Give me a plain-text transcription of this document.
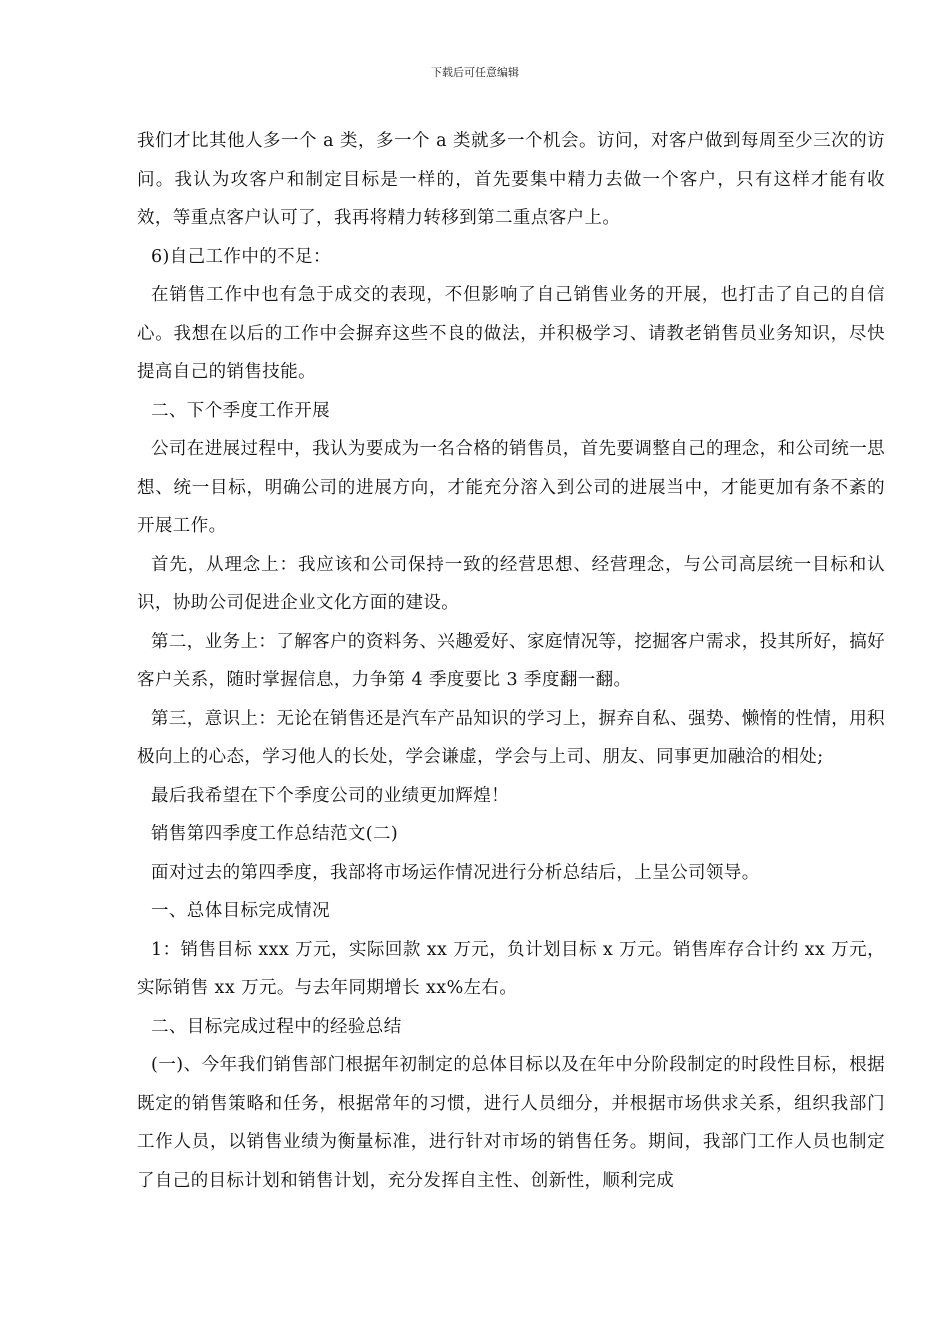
下载后可任意编辑

我们才比其他人多一个 a 类，多一个 a 类就多一个机会。访问，对客户做到每周至少三次的访问。我认为攻客户和制定目标是一样的，首先要集中精力去做一个客户，只有这样才能有收效，等重点客户认可了，我再将精力转移到第二重点客户上。

6)自己工作中的不足：

在销售工作中也有急于成交的表现，不但影响了自己销售业务的开展，也打击了自己的自信心。我想在以后的工作中会摒弃这些不良的做法，并积极学习、请教老销售员业务知识，尽快提高自己的销售技能。

二、下个季度工作开展

公司在进展过程中，我认为要成为一名合格的销售员，首先要调整自己的理念，和公司统一思想、统一目标，明确公司的进展方向，才能充分溶入到公司的进展当中，才能更加有条不紊的开展工作。

首先，从理念上：我应该和公司保持一致的经营思想、经营理念，与公司高层统一目标和认识，协助公司促进企业文化方面的建设。

第二，业务上：了解客户的资料务、兴趣爱好、家庭情况等，挖掘客户需求，投其所好，搞好客户关系，随时掌握信息，力争第 4 季度要比 3 季度翻一翻。

第三，意识上：无论在销售还是汽车产品知识的学习上，摒弃自私、强势、懒惰的性情，用积极向上的心态，学习他人的长处，学会谦虚，学会与上司、朋友、同事更加融洽的相处;

最后我希望在下个季度公司的业绩更加辉煌！

销售第四季度工作总结范文(二)

面对过去的第四季度，我部将市场运作情况进行分析总结后，上呈公司领导。

一、总体目标完成情况

1：销售目标 xxx 万元，实际回款 xx 万元，负计划目标 x 万元。销售库存合计约 xx 万元，实际销售 xx 万元。与去年同期增长 xx%左右。

二、目标完成过程中的经验总结

(一)、今年我们销售部门根据年初制定的总体目标以及在年中分阶段制定的时段性目标，根据既定的销售策略和任务，根据常年的习惯，进行人员细分，并根据市场供求关系，组织我部门工作人员，以销售业绩为衡量标准，进行针对市场的销售任务。期间，我部门工作人员也制定了自己的目标计划和销售计划，充分发挥自主性、创新性，顺利完成
